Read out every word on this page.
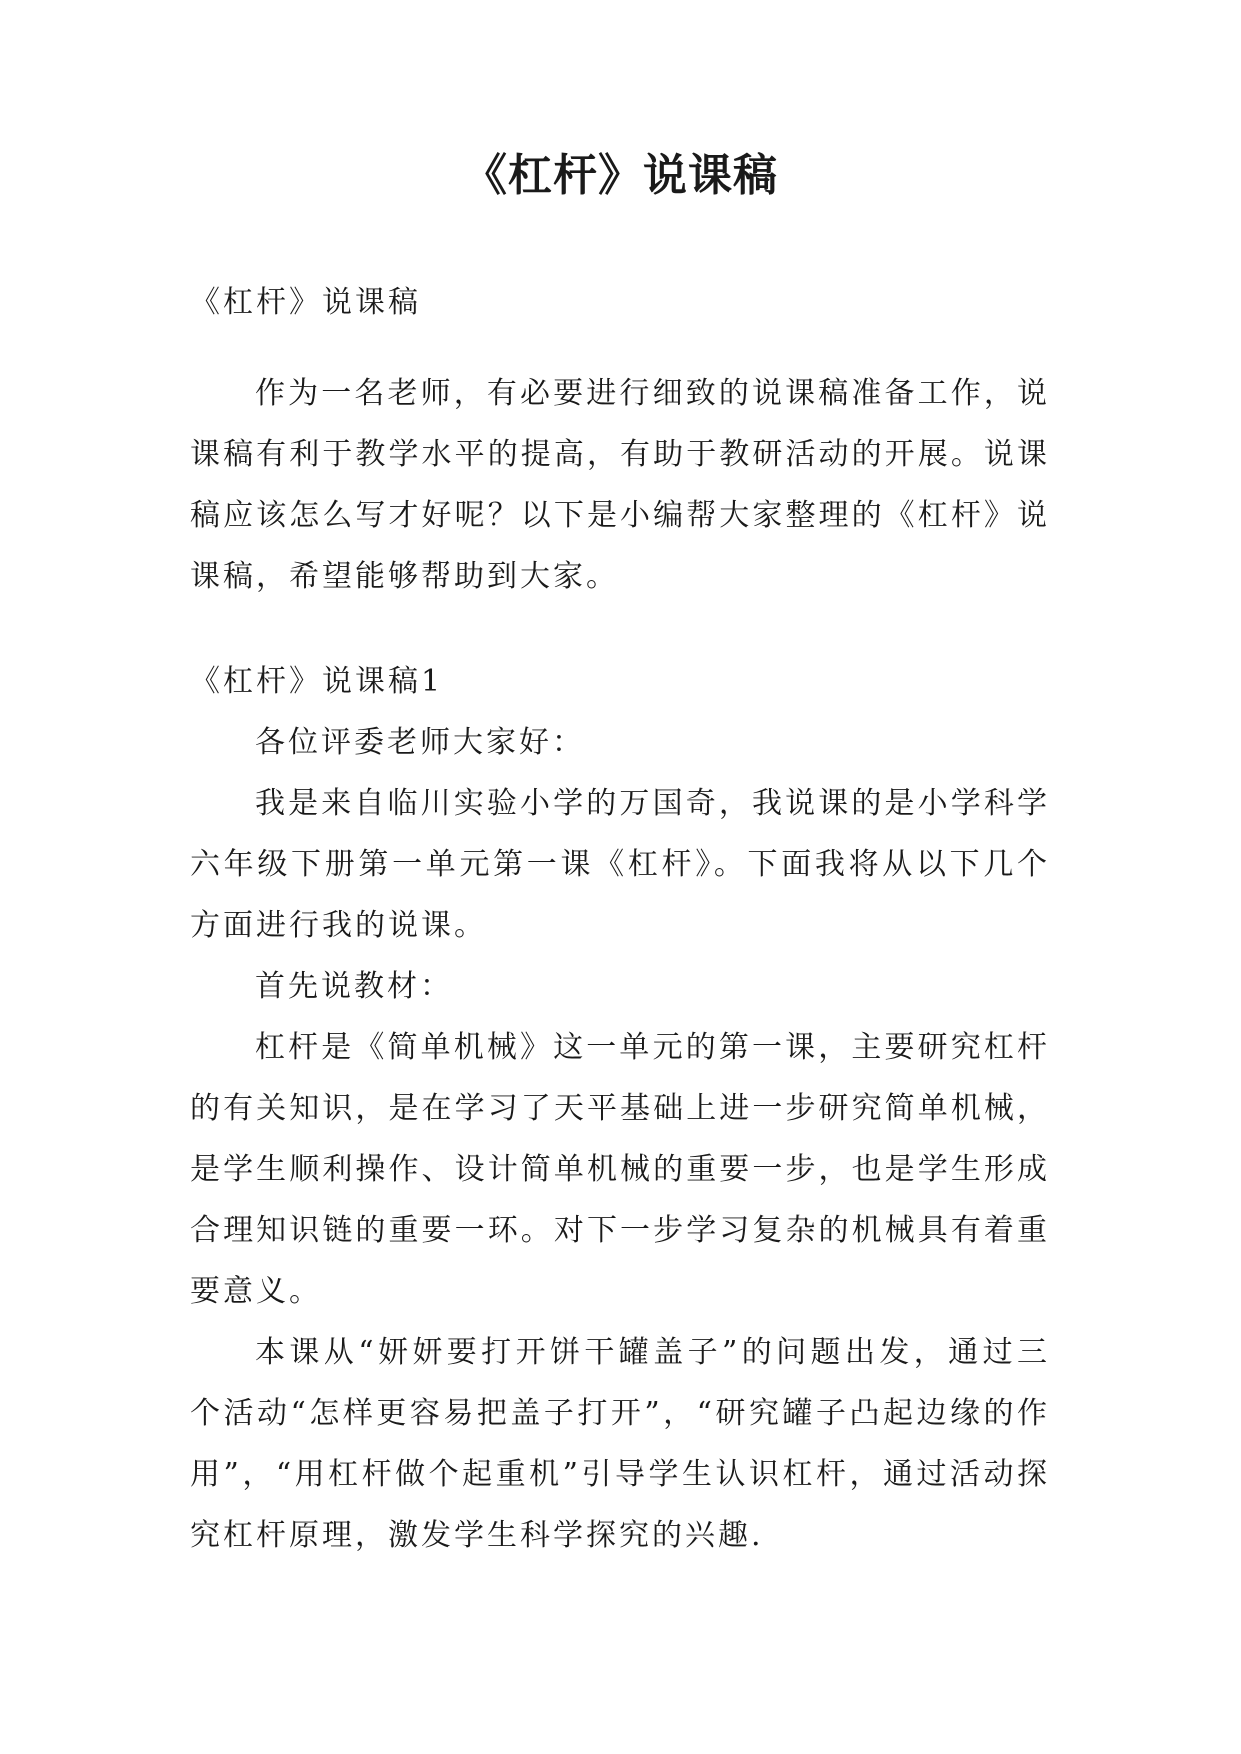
《杠杆》说课稿

《杠杆》说课稿

作为一名老师，有必要进行细致的说课稿准备工作，说课稿有利于教学水平的提高，有助于教研活动的开展。说课稿应该怎么写才好呢？以下是小编帮大家整理的《杠杆》说课稿，希望能够帮助到大家。

《杠杆》说课稿1

各位评委老师大家好：

我是来自临川实验小学的万国奇，我说课的是小学科学六年级下册第一单元第一课《杠杆》。下面我将从以下几个方面进行我的说课。

首先说教材：

杠杆是《简单机械》这一单元的第一课，主要研究杠杆的有关知识，是在学习了天平基础上进一步研究简单机械，是学生顺利操作、设计简单机械的重要一步，也是学生形成合理知识链的重要一环。对下一步学习复杂的机械具有着重要意义。

本课从“妍妍要打开饼干罐盖子”的问题出发，通过三个活动“怎样更容易把盖子打开”，“研究罐子凸起边缘的作用”，“用杠杆做个起重机”引导学生认识杠杆，通过活动探究杠杆原理，激发学生科学探究的兴趣.
